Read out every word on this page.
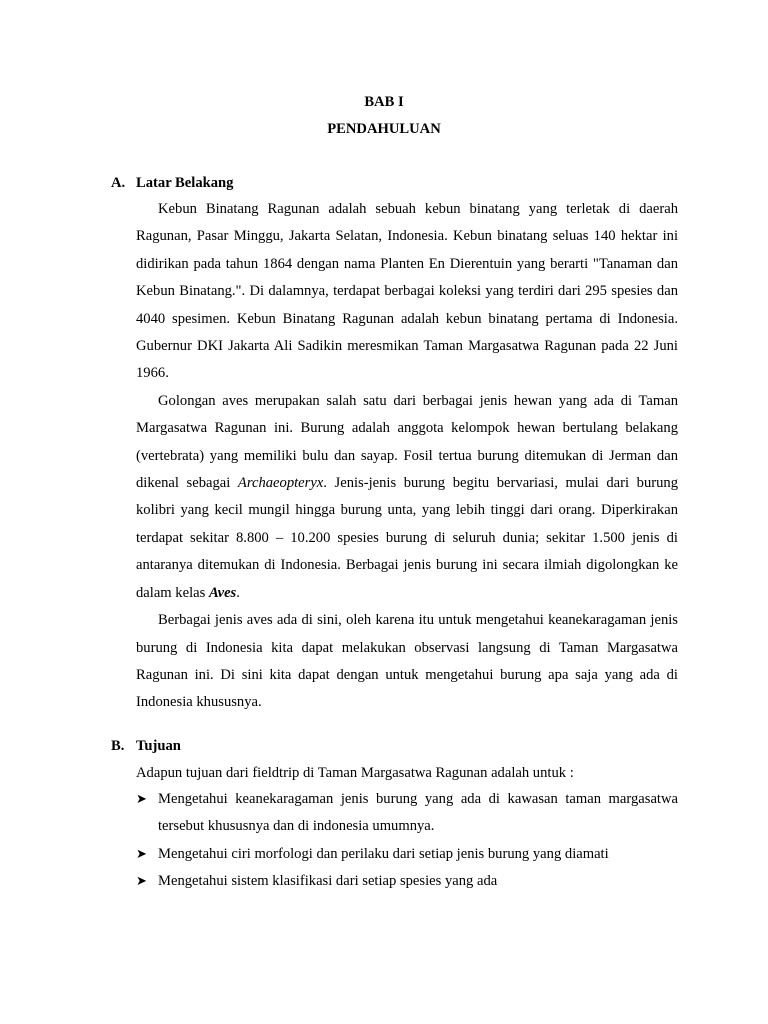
BAB I
PENDAHULUAN
A. Latar Belakang

Kebun Binatang Ragunan adalah sebuah kebun binatang yang terletak di daerah Ragunan, Pasar Minggu, Jakarta Selatan, Indonesia. Kebun binatang seluas 140 hektar ini didirikan pada tahun 1864 dengan nama Planten En Dierentuin yang berarti "Tanaman dan Kebun Binatang.". Di dalamnya, terdapat berbagai koleksi yang terdiri dari 295 spesies dan 4040 spesimen. Kebun Binatang Ragunan adalah kebun binatang pertama di Indonesia. Gubernur DKI Jakarta Ali Sadikin meresmikan Taman Margasatwa Ragunan pada 22 Juni 1966.

Golongan aves merupakan salah satu dari berbagai jenis hewan yang ada di Taman Margasatwa Ragunan ini. Burung adalah anggota kelompok hewan bertulang belakang (vertebrata) yang memiliki bulu dan sayap. Fosil tertua burung ditemukan di Jerman dan dikenal sebagai Archaeopteryx. Jenis-jenis burung begitu bervariasi, mulai dari burung kolibri yang kecil mungil hingga burung unta, yang lebih tinggi dari orang. Diperkirakan terdapat sekitar 8.800 – 10.200 spesies burung di seluruh dunia; sekitar 1.500 jenis di antaranya ditemukan di Indonesia. Berbagai jenis burung ini secara ilmiah digolongkan ke dalam kelas Aves.

Berbagai jenis aves ada di sini, oleh karena itu untuk mengetahui keanekaragaman jenis burung di Indonesia kita dapat melakukan observasi langsung di Taman Margasatwa Ragunan ini. Di sini kita dapat dengan untuk mengetahui burung apa saja yang ada di Indonesia khususnya.

B. Tujuan

Adapun tujuan dari fieldtrip di Taman Margasatwa Ragunan adalah untuk :

➤ Mengetahui keanekaragaman jenis burung yang ada di kawasan taman margasatwa tersebut khususnya dan di indonesia umumnya.
➤ Mengetahui ciri morfologi dan perilaku dari setiap jenis burung yang diamati
➤ Mengetahui sistem klasifikasi dari setiap spesies yang ada
